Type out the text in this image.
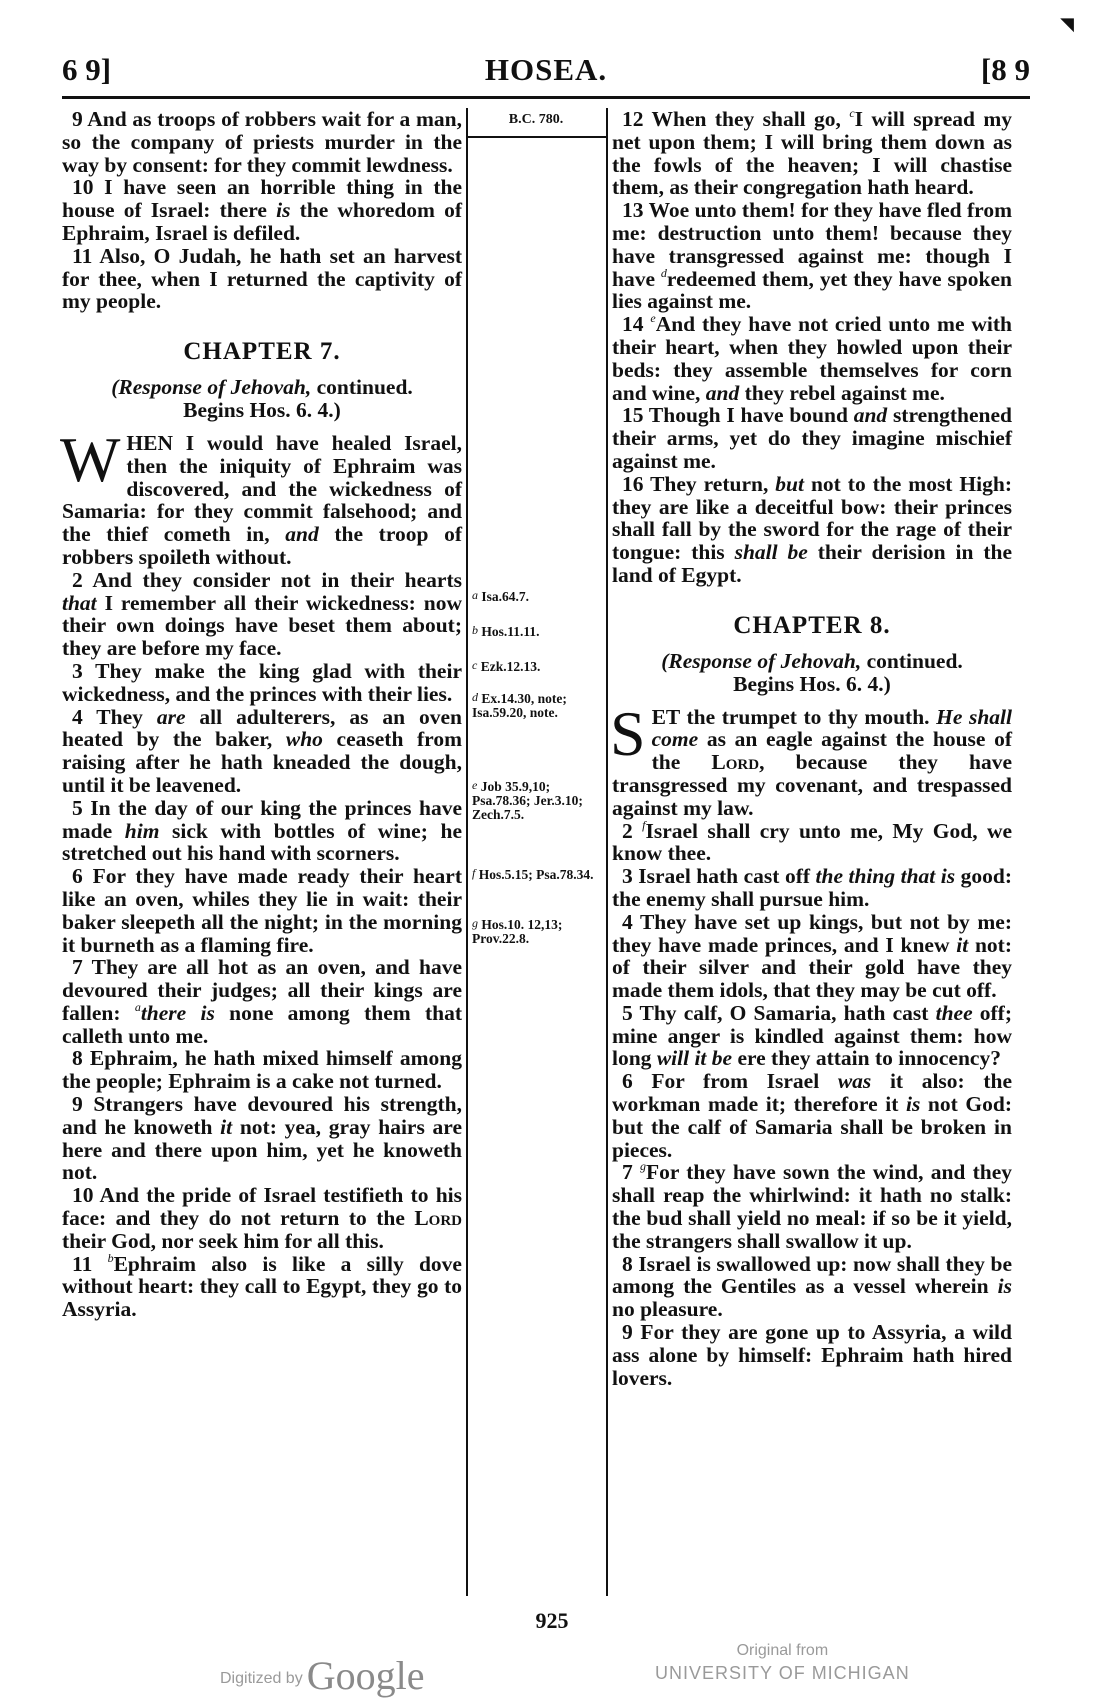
◥
6 9]	HOSEA.	[8 9
B.C. 780.
9 And as troops of robbers wait for a man, so the company of priests murder in the way by consent: for they commit lewdness.
10 I have seen an horrible thing in the house of Israel: there is the whoredom of Ephraim, Israel is defiled.
11 Also, O Judah, he hath set an harvest for thee, when I returned the captivity of my people.
CHAPTER 7.
(Response of Jehovah, continued.
Begins Hos. 6. 4.)
WHEN I would have healed Israel, then the iniquity of Ephraim was discovered, and the wickedness of Samaria: for they commit falsehood; and the thief cometh in, and the troop of robbers spoileth without.
2 And they consider not in their hearts that I remember all their wickedness: now their own doings have beset them about; they are before my face.
3 They make the king glad with their wickedness, and the princes with their lies.
4 They are all adulterers, as an oven heated by the baker, who ceaseth from raising after he hath kneaded the dough, until it be leavened.
5 In the day of our king the princes have made him sick with bottles of wine; he stretched out his hand with scorners.
6 For they have made ready their heart like an oven, whiles they lie in wait: their baker sleepeth all the night; in the morning it burneth as a flaming fire.
7 They are all hot as an oven, and have devoured their judges; all their kings are fallen: $^a$there is none among them that calleth unto me.
8 Ephraim, he hath mixed himself among the people; Ephraim is a cake not turned.
9 Strangers have devoured his strength, and he knoweth it not: yea, gray hairs are here and there upon him, yet he knoweth not.
10 And the pride of Israel testifieth to his face: and they do not return to the Lord their God, nor seek him for all this.
11 $^b$Ephraim also is like a silly dove without heart: they call to Egypt, they go to Assyria.
$^a$ Isa.64.7.
$^b$ Hos.11.11.
$^c$ Ezk.12.13.
$^d$ Ex.14.30, note; Isa.59.20, note.
$^e$ Job 35.9,10; Psa.78.36; Jer.3.10; Zech.7.5.
$^f$ Hos.5.15; Psa.78.34.
$^g$ Hos.10. 12,13; Prov.22.8.
12 When they shall go, $^c$I will spread my net upon them; I will bring them down as the fowls of the heaven; I will chastise them, as their congregation hath heard.
13 Woe unto them! for they have fled from me: destruction unto them! because they have transgressed against me: though I have $^d$redeemed them, yet they have spoken lies against me.
14 $^e$And they have not cried unto me with their heart, when they howled upon their beds: they assemble themselves for corn and wine, and they rebel against me.
15 Though I have bound and strengthened their arms, yet do they imagine mischief against me.
16 They return, but not to the most High: they are like a deceitful bow: their princes shall fall by the sword for the rage of their tongue: this shall be their derision in the land of Egypt.
CHAPTER 8.
(Response of Jehovah, continued.
Begins Hos. 6. 4.)
SET the trumpet to thy mouth. He shall come as an eagle against the house of the Lord, because they have transgressed my covenant, and trespassed against my law.
2 $^f$Israel shall cry unto me, My God, we know thee.
3 Israel hath cast off the thing that is good: the enemy shall pursue him.
4 They have set up kings, but not by me: they have made princes, and I knew it not: of their silver and their gold have they made them idols, that they may be cut off.
5 Thy calf, O Samaria, hath cast thee off; mine anger is kindled against them: how long will it be ere they attain to innocency?
6 For from Israel was it also: the workman made it; therefore it is not God: but the calf of Samaria shall be broken in pieces.
7 $^g$For they have sown the wind, and they shall reap the whirlwind: it hath no stalk: the bud shall yield no meal: if so be it yield, the strangers shall swallow it up.
8 Israel is swallowed up: now shall they be among the Gentiles as a vessel wherein is no pleasure.
9 For they are gone up to Assyria, a wild ass alone by himself: Ephraim hath hired lovers.
925
Digitized by Google
Original from
UNIVERSITY OF MICHIGAN
